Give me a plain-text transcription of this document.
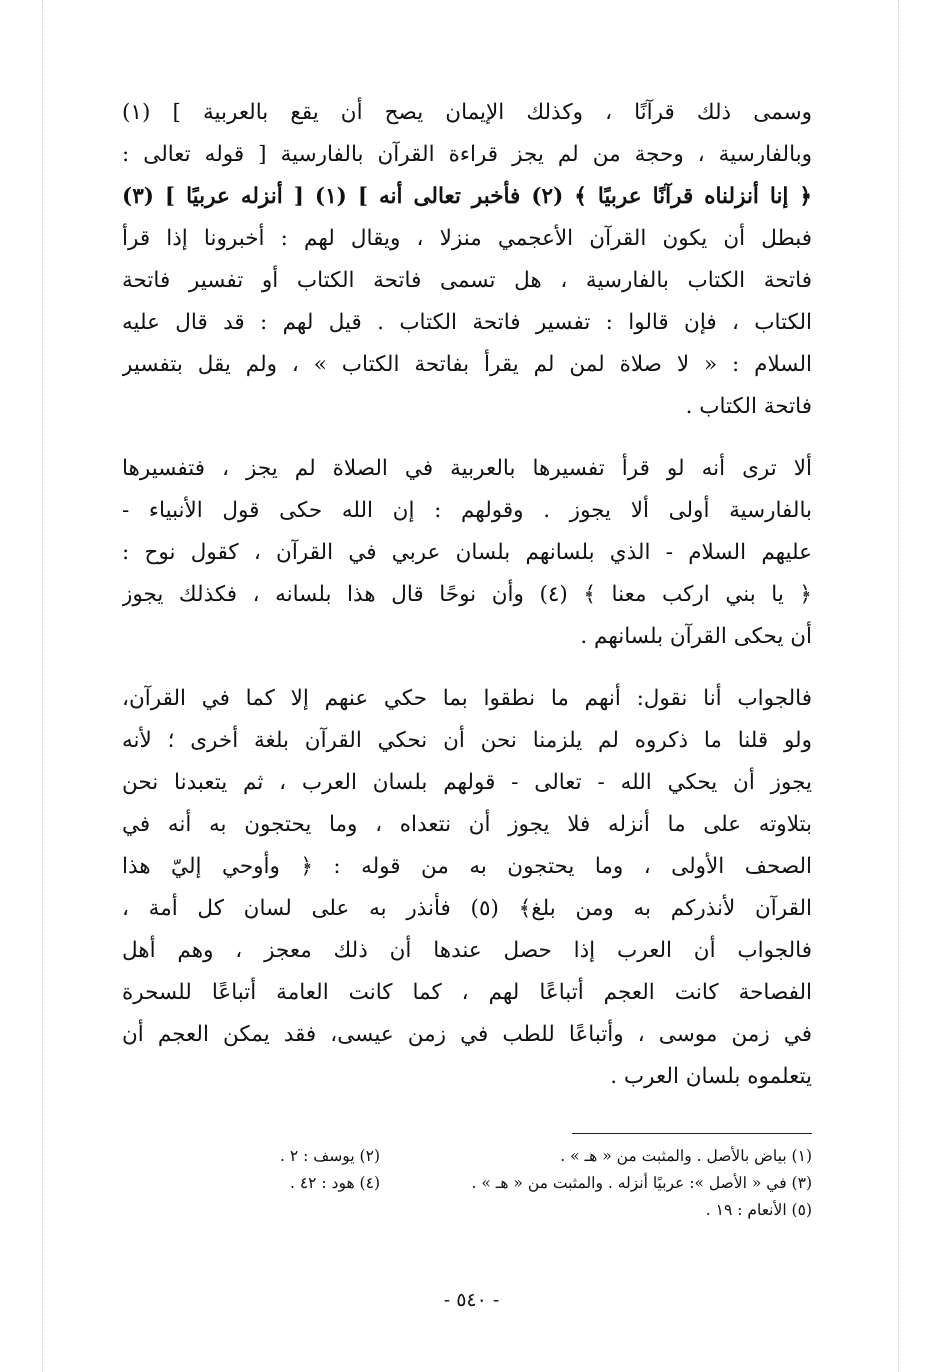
وسمى ذلك قرآنًا ، وكذلك الإيمان يصح أن يقع بالعربية ] (١)
وبالفارسية ، وحجة من لم يجز قراءة القرآن بالفارسية [ قوله تعالى :
﴿ إنا أنزلناه قرآنًا عربيًا ﴾ (٢) فأخبر تعالى أنه ] (١) [ أنزله عربيًا ] (٣)
فبطل أن يكون القرآن الأعجمي منزلا ، ويقال لهم : أخبرونا إذا قرأ
فاتحة الكتاب بالفارسية ، هل تسمى فاتحة الكتاب أو تفسير فاتحة
الكتاب ، فإن قالوا : تفسير فاتحة الكتاب . قيل لهم : قد قال عليه
السلام : « لا صلاة لمن لم يقرأ بفاتحة الكتاب » ، ولم يقل بتفسير
فاتحة الكتاب .
ألا ترى أنه لو قرأ تفسيرها بالعربية في الصلاة لم يجز ، فتفسيرها
بالفارسية أولى ألا يجوز . وقولهم : إن الله حكى قول الأنبياء -
عليهم السلام - الذي بلسانهم بلسان عربي في القرآن ، كقول نوح :
﴿ يا بني اركب معنا ﴾ (٤) وأن نوحًا قال هذا بلسانه ، فكذلك يجوز
أن يحكى القرآن بلسانهم .
فالجواب أنا نقول: أنهم ما نطقوا بما حكي عنهم إلا كما في القرآن،
ولو قلنا ما ذكروه لم يلزمنا نحن أن نحكي القرآن بلغة أخرى ؛ لأنه
يجوز أن يحكي الله - تعالى - قولهم بلسان العرب ، ثم يتعبدنا نحن
بتلاوته على ما أنزله فلا يجوز أن نتعداه ، وما يحتجون به أنه في
الصحف الأولى ، وما يحتجون به من قوله : ﴿ وأوحي إليّ هذا
القرآن لأنذركم به ومن بلغ﴾ (٥) فأنذر به على لسان كل أمة ،
فالجواب أن العرب إذا حصل عندها أن ذلك معجز ، وهم أهل
الفصاحة كانت العجم أتباعًا لهم ، كما كانت العامة أتباعًا للسحرة
في زمن موسى ، وأتباعًا للطب في زمن عيسى، فقد يمكن العجم أن
يتعلموه بلسان العرب .
(١) بياض بالأصل . والمثبت من « هـ » .
(٢) يوسف : ٢ .
(٣) في « الأصل »: عربيًا أنزله . والمثبت من « هـ » .
(٤) هود : ٤٢ .
(٥) الأنعام : ١٩ .
- ٥٤٠ -
